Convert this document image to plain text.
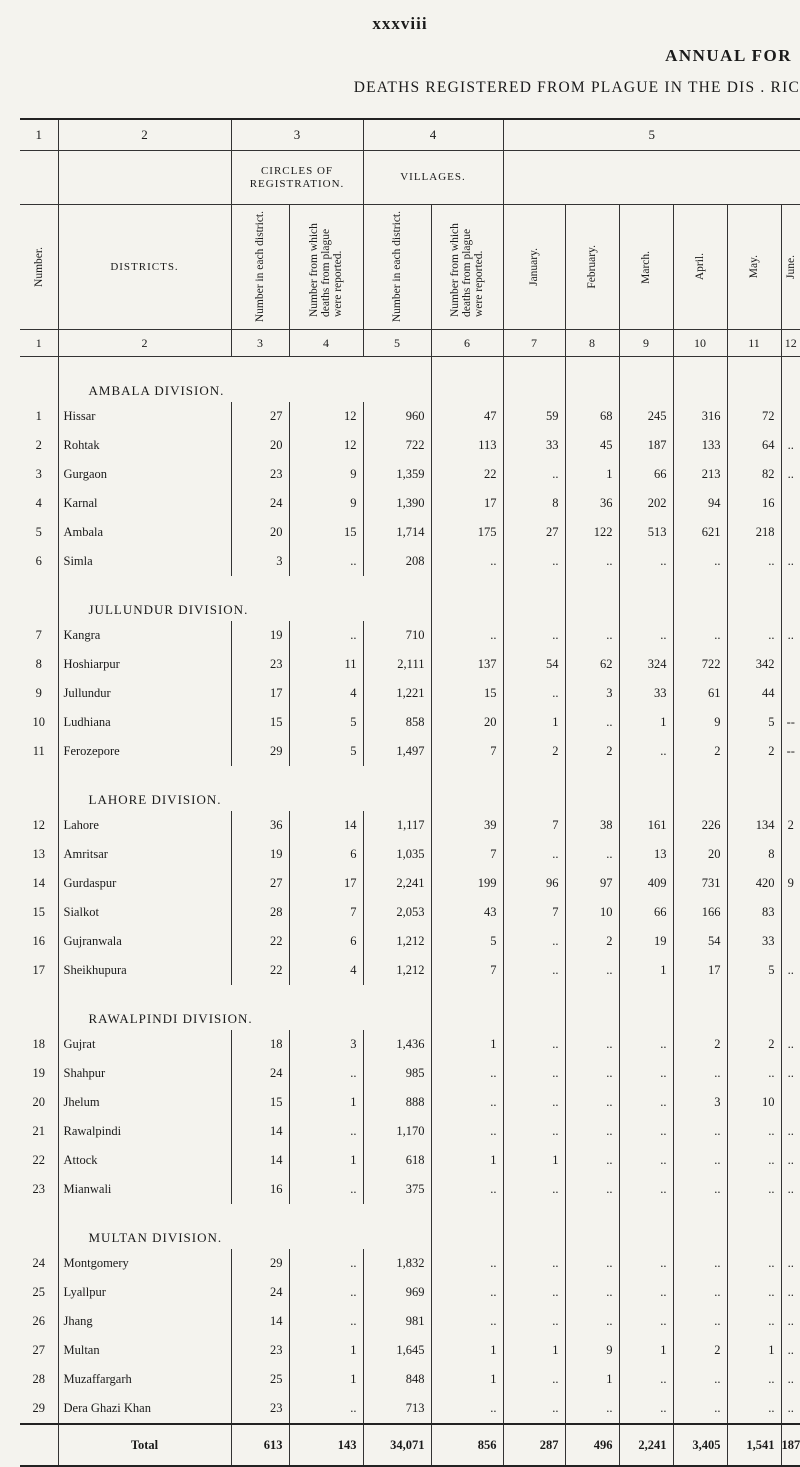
xxxviii
ANNUAL FOR
DEATHS REGISTERED FROM PLAGUE IN THE DIS . RIC
1	2	3		4		5					
		CIRCLES OF REGISTRATION.		VILLAGES.							

Number.	DISTRICTS.	Number in each district.	Number from which deaths from plague were reported.	Number in each district.	Number from which deaths from plague were reported.	January.	February.	March.	April.	May.	June.

1	2	3	4	5	6	7	8	9	10	11	12
	AMBALA DIVISION.										
1	Hissar	27	12	960	47	59	68	245	316	72	
2	Rohtak	20	12	722	113	33	45	187	133	64	..
3	Gurgaon	23	9	1,359	22	..	1	66	213	82	..
4	Karnal	24	9	1,390	17	8	36	202	94	16	
5	Ambala	20	15	1,714	175	27	122	513	621	218	
6	Simla	3	..	208	..	..	..	..	..	..	..
	JULLUNDUR DIVISION.										
7	Kangra	19	..	710	..	..	..	..	..	..	..
8	Hoshiarpur	23	11	2,111	137	54	62	324	722	342	
9	Jullundur	17	4	1,221	15	..	3	33	61	44	
10	Ludhiana	15	5	858	20	1	..	1	9	5	--
11	Ferozepore	29	5	1,497	7	2	2	..	2	2	--
	LAHORE DIVISION.										
12	Lahore	36	14	1,117	39	7	38	161	226	134	2
13	Amritsar	19	6	1,035	7	..	..	13	20	8	
14	Gurdaspur	27	17	2,241	199	96	97	409	731	420	9
15	Sialkot	28	7	2,053	43	7	10	66	166	83	
16	Gujranwala	22	6	1,212	5	..	2	19	54	33	
17	Sheikhupura	22	4	1,212	7	..	..	1	17	5	..
	RAWALPINDI DIVISION.										
18	Gujrat	18	3	1,436	1	..	..	..	2	2	..
19	Shahpur	24	..	985	..	..	..	..	..	..	..
20	Jhelum	15	1	888	..	..	..	..	3	10	
21	Rawalpindi	14	..	1,170	..	..	..	..	..	..	..
22	Attock	14	1	618	1	1	..	..	..	..	..
23	Mianwali	16	..	375	..	..	..	..	..	..	..
	MULTAN DIVISION.										
24	Montgomery	29	..	1,832	..	..	..	..	..	..	..
25	Lyallpur	24	..	969	..	..	..	..	..	..	..
26	Jhang	14	..	981	..	..	..	..	..	..	..
27	Multan	23	1	1,645	1	1	9	1	2	1	..
28	Muzaffargarh	25	1	848	1	..	1	..	..	..	..
29	Dera Ghazi Khan	23	..	713	..	..	..	..	..	..	..
	Total	613	143	34,071	856	287	496	2,241	3,405	1,541	187
